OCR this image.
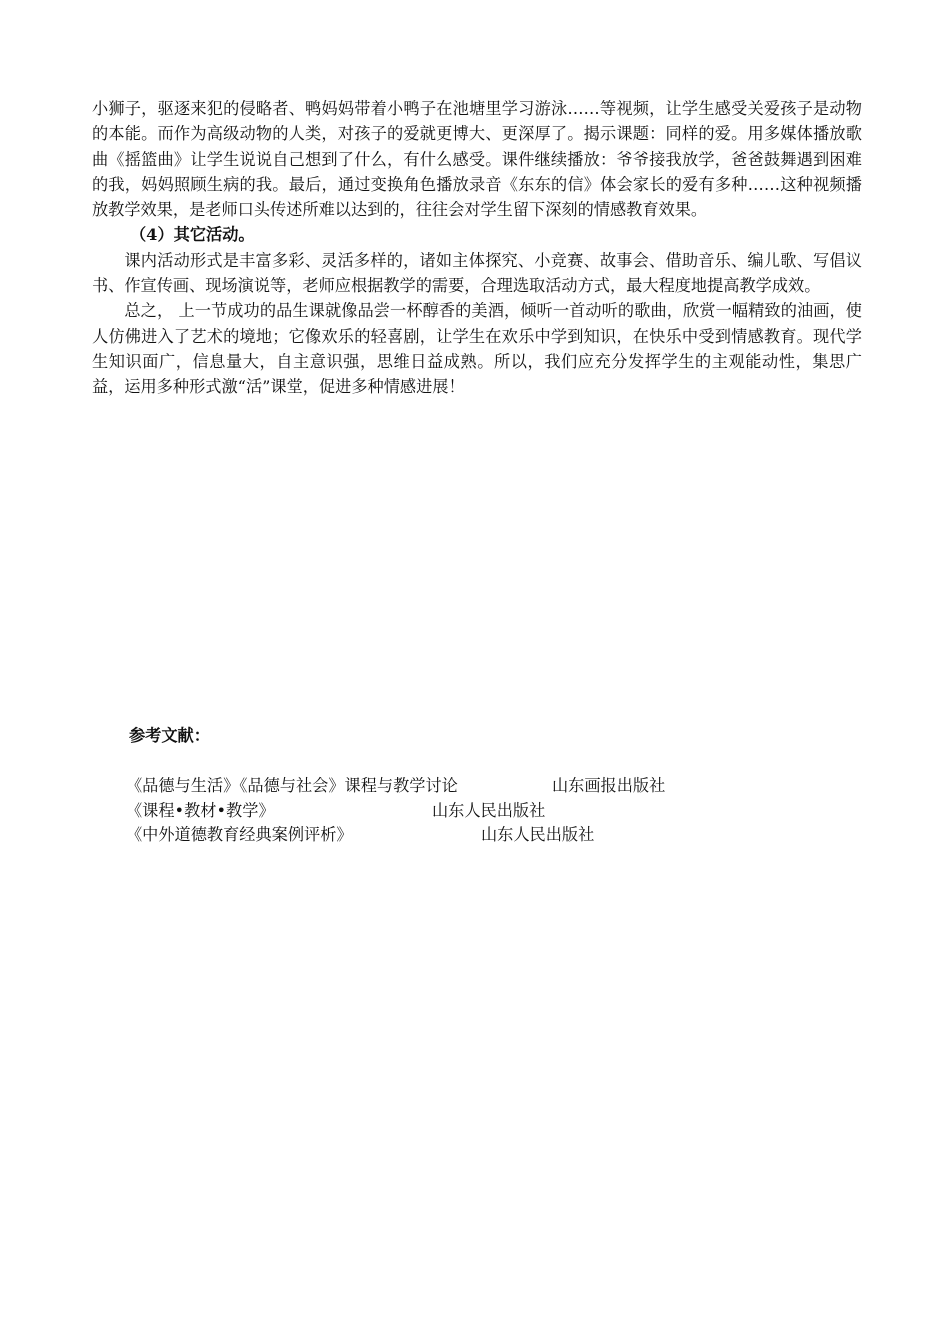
小狮子，驱逐来犯的侵略者、鸭妈妈带着小鸭子在池塘里学习游泳……等视频，让学生感受关爱孩子是动物的本能。而作为高级动物的人类，对孩子的爱就更博大、更深厚了。揭示课题：同样的爱。用多媒体播放歌曲《摇篮曲》让学生说说自己想到了什么，有什么感受。课件继续播放：爷爷接我放学，爸爸鼓舞遇到困难的我，妈妈照顾生病的我。最后，通过变换角色播放录音《东东的信》体会家长的爱有多种……这种视频播放教学效果，是老师口头传述所难以达到的，往往会对学生留下深刻的情感教育效果。

（4）其它活动。

课内活动形式是丰富多彩、灵活多样的，诸如主体探究、小竞赛、故事会、借助音乐、编儿歌、写倡议书、作宣传画、现场演说等，老师应根据教学的需要，合理选取活动方式，最大程度地提高教学成效。

总之， 上一节成功的品生课就像品尝一杯醇香的美酒，倾听一首动听的歌曲，欣赏一幅精致的油画，使人仿佛进入了艺术的境地；它像欢乐的轻喜剧，让学生在欢乐中学到知识，在快乐中受到情感教育。现代学生知识面广，信息量大，自主意识强，思维日益成熟。所以，我们应充分发挥学生的主观能动性，集思广益，运用多种形式激“活”课堂，促进多种情感进展！

参考文献：
《品德与生活》《品德与社会》课程与教学讨论	山东画报出版社
《课程•教材•教学》	山东人民出版社
《中外道德教育经典案例评析》	山东人民出版社
